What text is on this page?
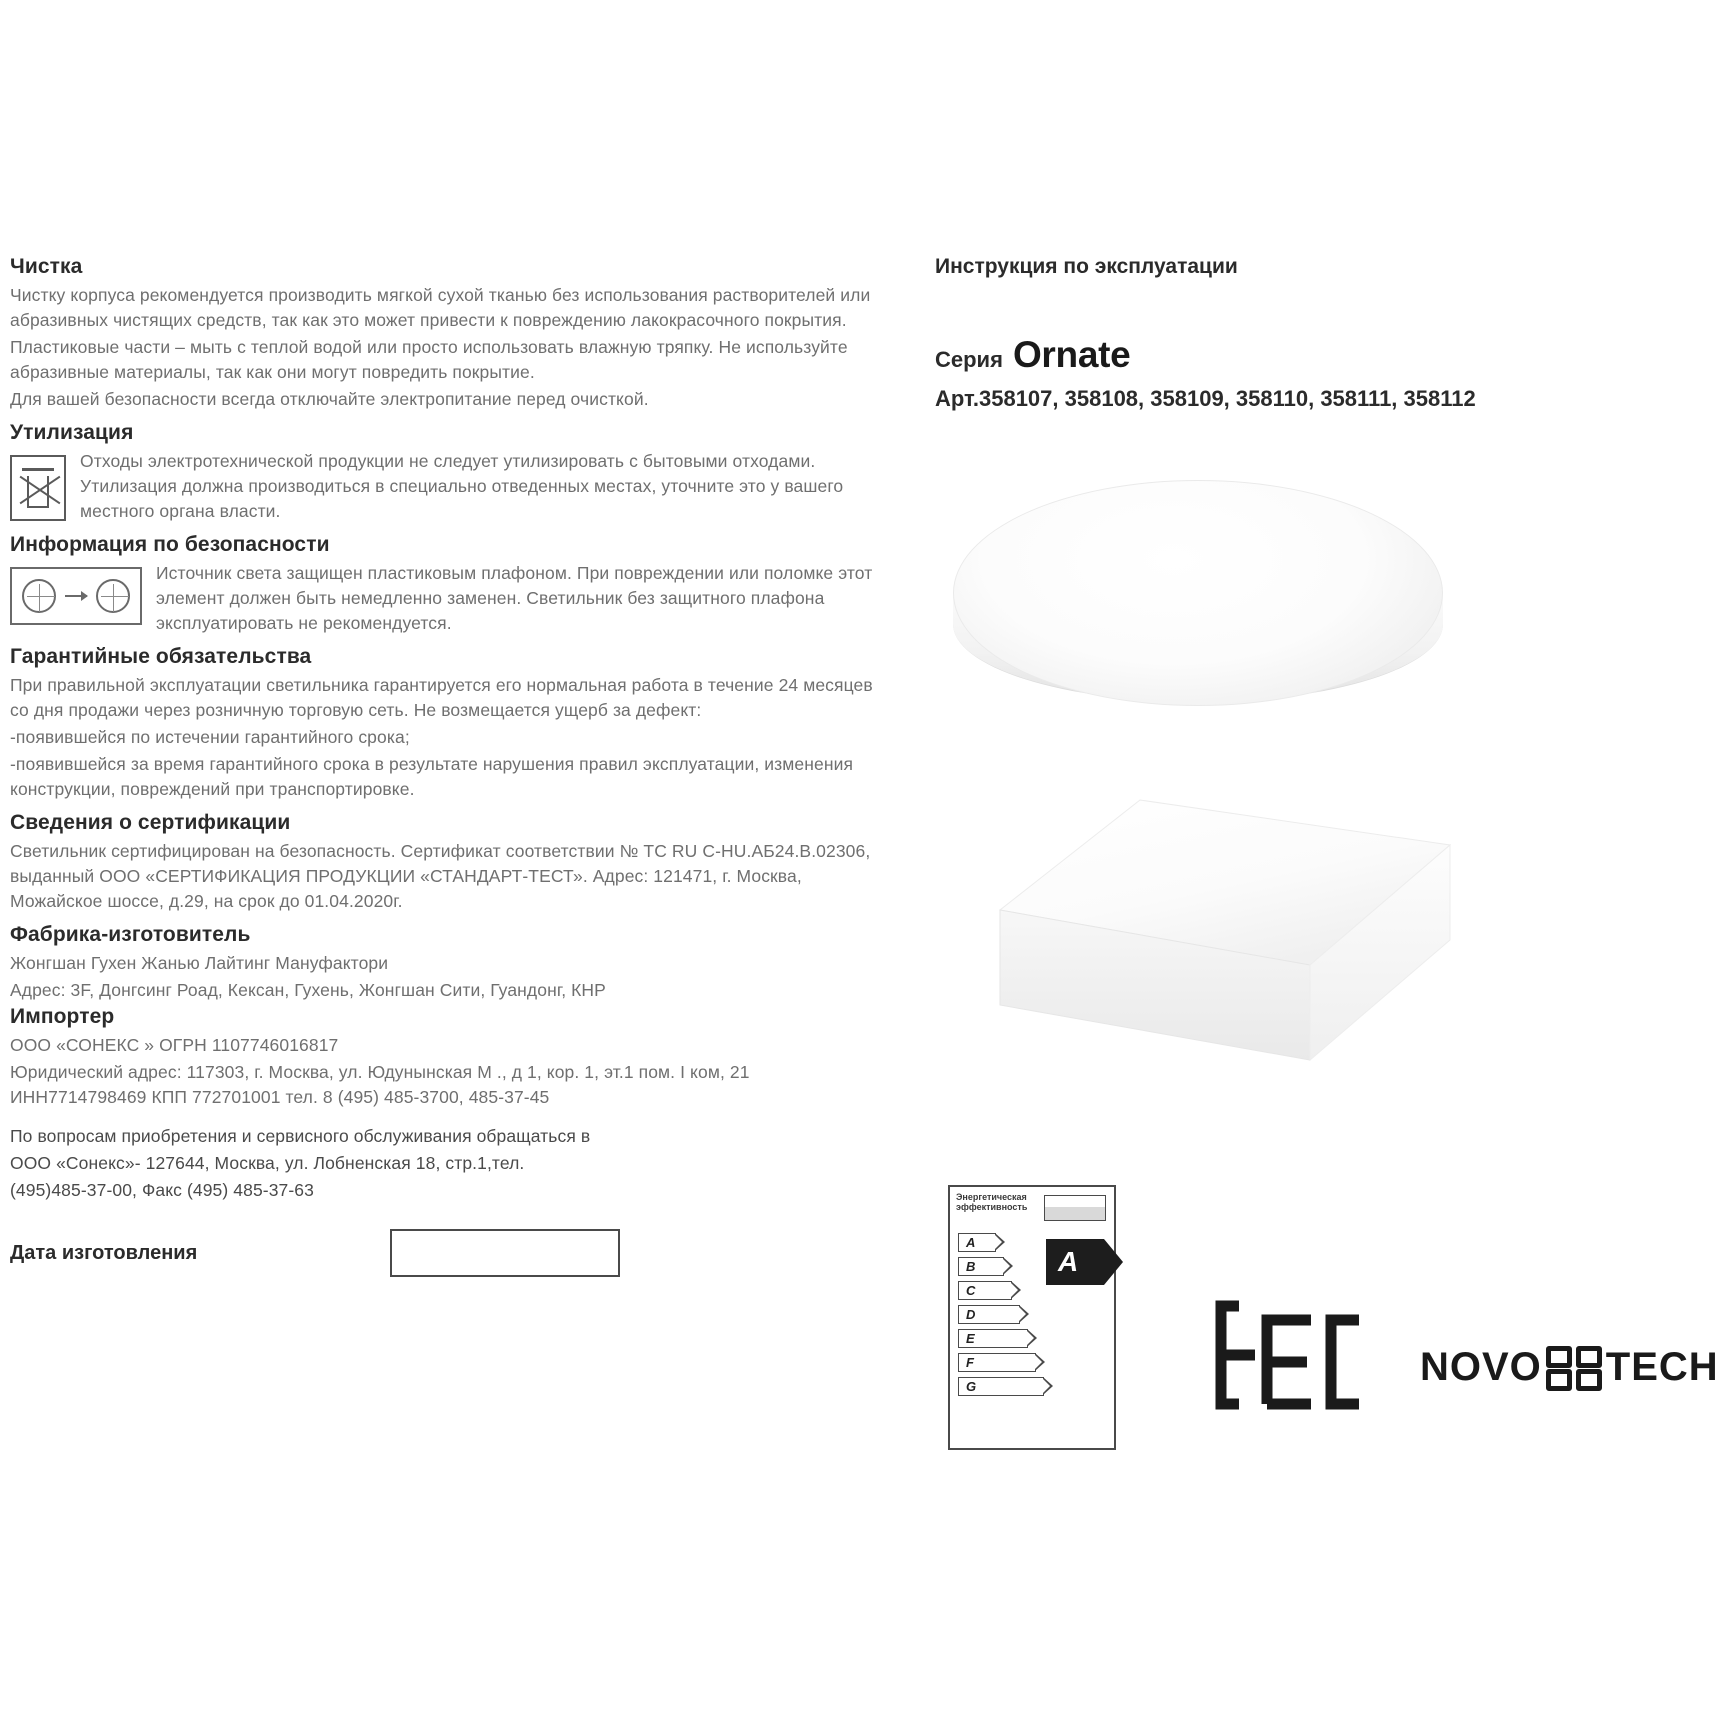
Чистка

Чистку корпуса рекомендуется производить мягкой сухой тканью без использования растворителей или абразивных чистящих средств, так как это может привести к повреждению лакокрасочного покрытия.

Пластиковые части – мыть с теплой водой или просто использовать влажную тряпку. Не используйте абразивные материалы, так как они могут повредить покрытие.

Для вашей безопасности всегда отключайте электропитание перед очисткой.

Утилизация

Отходы электротехнической продукции не следует утилизировать с бытовыми отходами. Утилизация должна производиться в специально отведенных местах, уточните это у вашего местного органа власти.

Информация по безопасности

Источник света защищен пластиковым плафоном. При повреждении или поломке этот элемент должен быть немедленно заменен. Светильник без защитного плафона эксплуатировать не рекомендуется.

Гарантийные обязательства

При правильной эксплуатации светильника гарантируется его нормальная работа в течение 24 месяцев со дня продажи через розничную торговую сеть. Не возмещается ущерб за дефект:

-появившейся по истечении гарантийного срока;

-появившейся за время гарантийного срока в результате нарушения правил эксплуатации, изменения конструкции, повреждений при транспортировке.

Сведения о сертификации

Светильник сертифицирован на безопасность. Сертификат соответствии № ТС RU C-HU.АБ24.В.02306, выданный ООО «СЕРТИФИКАЦИЯ ПРОДУКЦИИ «СТАНДАРТ-ТЕСТ». Адрес: 121471, г. Москва, Можайское шоссе, д.29, на срок до 01.04.2020г.

Фабрика-изготовитель

Жонгшан Гухен Жанью Лайтинг Мануфактори

Адрес: 3F, Донгсинг Роад, Кексан, Гухень, Жонгшан Сити, Гуандонг, КНР

Импортер

ООО «СОНЕКС » ОГРН 1107746016817

Юридический адрес: 117303, г. Москва, ул. Юдунынская М ., д 1, кор. 1, эт.1 пом. I ком, 21 ИНН7714798469 КПП 772701001 тел. 8 (495) 485-3700, 485-37-45

По вопросам приобретения и сервисного обслуживания обращаться в

ООО «Сонекс»- 127644, Москва, ул. Лобненская 18, стр.1,тел.

(495)485-37-00, Факс (495) 485-37-63

Дата изготовления
Инструкция по эксплуатации
Серия Ornate
Арт.358107, 358108, 358109, 358110, 358111, 358112
Энергетическая эффективность
A
A
B
C
D
E
F
G	NOVO TECH
